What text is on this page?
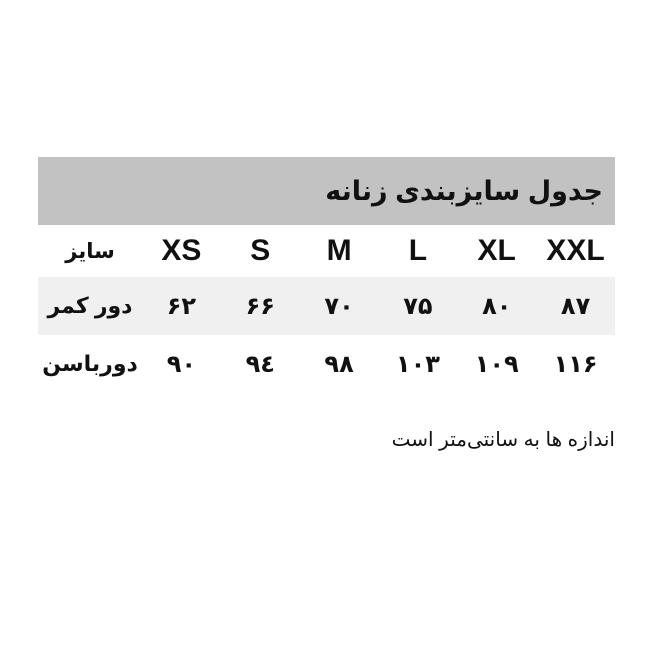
جدول سایزبندی زنانه
سایز	XS	S	M	L	XL	XXL
دور کمر	۶۲	۶۶	۷۰	۷۵	۸۰	۸۷
دورباسن	۹۰	۹٤	۹۸	۱۰۳	۱۰۹	۱۱۶
اندازه ها به سانتی‌متر است
